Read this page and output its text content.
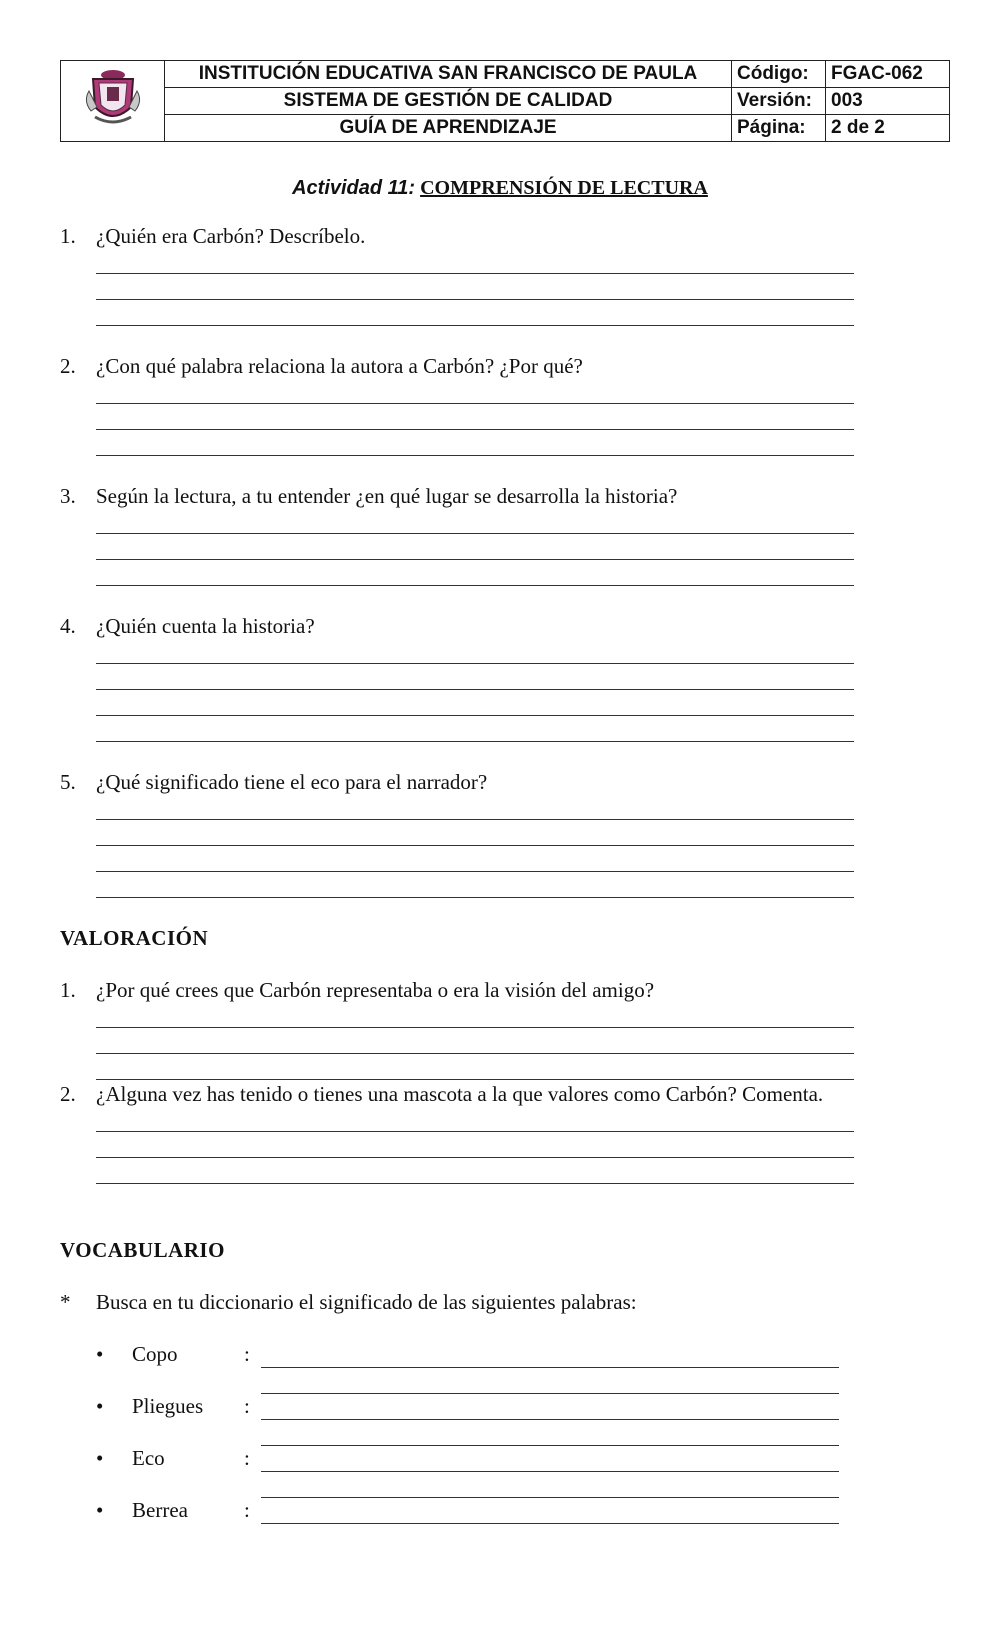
	INSTITUCIÓN EDUCATIVA SAN FRANCISCO DE PAULA	Código:	FGAC-062
	SISTEMA DE GESTIÓN DE CALIDAD	Versión:	003
	GUÍA DE APRENDIZAJE	Página:	2 de 2
Actividad 11: COMPRENSIÓN DE LECTURA
1. ¿Quién era Carbón? Descríbelo.
2. ¿Con qué palabra relaciona la autora a Carbón? ¿Por qué?
3. Según la lectura, a tu entender ¿en qué lugar se desarrolla la historia?
4. ¿Quién cuenta la historia?
5. ¿Qué significado tiene el eco para el narrador?
VALORACIÓN
1. ¿Por qué crees que Carbón representaba o era la visión del amigo?
2. ¿Alguna vez has tenido o tienes una mascota a la que valores como Carbón? Comenta.
VOCABULARIO
* Busca en tu diccionario el significado de las siguientes palabras:
• Copo	:
• Pliegues :
• Eco	:
• Berrea	:
